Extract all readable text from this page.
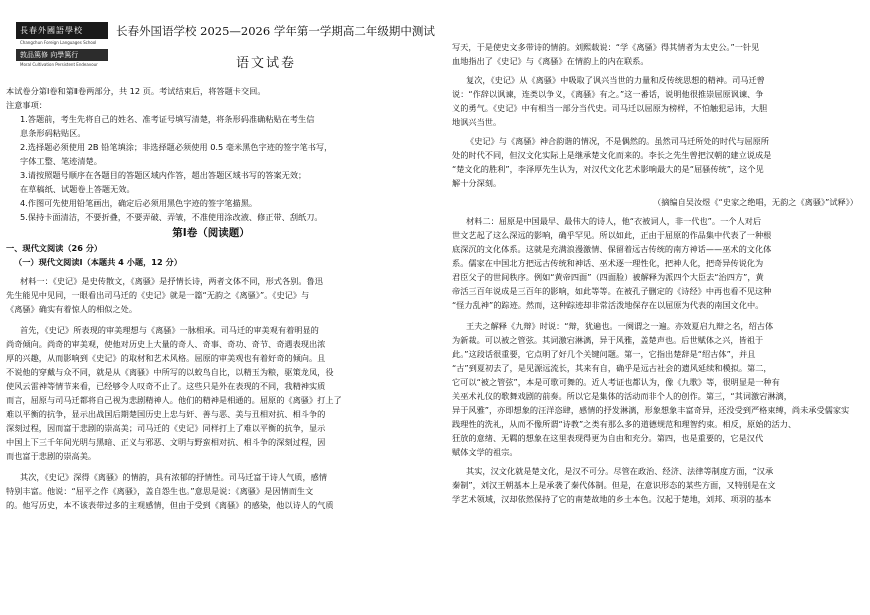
長春外國語學校
Changchun Foreign Languages School
敦品篤修 向學篤行
Moral Cultivation Persistent Endeavour
长春外国语学校 2025—2026 学年第一学期高二年级期中测试
语文试卷
本试卷分第Ⅰ卷和第Ⅱ卷两部分，共 12 页。考试结束后，将答题卡交回。
注意事项：
1.答题前，考生先将自己的姓名、准考证号填写清楚，将条形码准确粘贴在考生信
息条形码粘贴区。
2.选择题必须使用 2B 铅笔填涂；非选择题必须使用 0.5 毫米黑色字迹的签字笔书写，
字体工整、笔迹清楚。
3.请按照题号顺序在各题目的答题区域内作答，超出答题区域书写的答案无效；
在草稿纸、试题卷上答题无效。
4.作图可先使用铅笔画出，确定后必须用黑色字迹的签字笔描黑。
5.保持卡面清洁，不要折叠，不要弄破、弄皱，不准使用涂改液、修正带、刮纸刀。
第Ⅰ卷（阅读题）
一、现代文阅读（26 分）
（一）现代文阅读Ⅰ（本题共 4 小题，12 分）
材料一：《史记》是史传散文，《离骚》是抒情长诗，两者文体不同，形式各别。鲁迅
先生能见中见同，一眼看出司马迁的《史记》就是一篇“无韵之《离骚》”。《史记》与
《离骚》确实有着惊人的相似之处。
首先，《史记》所表现的审美理想与《离骚》一脉相承。司马迁的审美观有着明显的
尚奇倾向。尚奇的审美观，使他对历史上大量的奇人、奇事、奇功、奇节、奇遇表现出浓
厚的兴趣，从而影响到《史记》的取材和艺术风格。屈原的审美观也有着好奇的倾向。且
不说他的穿戴与众不同，就是从《离骚》中所写的以蛟鸟自比，以精玉为粮，驱策龙凤，役
使风云雷神等情节来看，已经够令人叹奇不止了。这些只是外在表现的不同，我精神实质
而言，屈原与司马迁都将自己视为悲剧精神人。他们的精神是相通的。屈原的《离骚》打上了
难以平衡的抗争，显示出战国后期楚国历史上忠与奸、善与恶、美与丑相对抗、相斗争的
深刻过程，因而富于悲剧的崇高美；司马迁的《史记》同样打上了难以平衡的抗争，显示
中国上下三千年间光明与黑暗、正义与邪恶、文明与野蛮相对抗、相斗争的深刻过程，因
而也富于悲剧的崇高美。
其次，《史记》深得《离骚》的情韵，具有浓郁的抒情性。司马迁富于诗人气质，感情
特别丰富。他说：“屈平之作《离骚》，盖自怨生也。”意思是说：《离骚》是因情而生文
的。他写历史，本不该表带过多的主观感情，但由于受到《离骚》的感染，他以诗人的气质
写天，于是使史文多带诗的情韵。刘熙载说：“学《离骚》得其情者为太史公。”一针见
血地指出了《史记》与《离骚》在情韵上的内在联系。
复次，《史记》从《离骚》中吸取了讽兴当世的力量和反传统思想的精神。司马迁曾
说：“作辞以讽谏，连类以争义，《离骚》有之。”这一番话，说明他很推崇屈原讽谏、争
义的勇气。《史记》中有相当一部分当代史。司马迁以屈原为榜样，不怕触犯忌讳，大胆
地讽兴当世。
《史记》与《离骚》神合韵谐的情况，不是偶然的。虽然司马迁所处的时代与屈原所
处的时代不同，但汉文化实际上是继承楚文化而来的。李长之先生曾把汉朝的建立说成是
“楚文化的胜利”，李泽厚先生认为，对汉代文化艺术影响最大的是“屈骚传统”，这个见
解十分深刻。
（摘编自吴汝煜《“史家之绝唱，无韵之《离骚》”试释》）
材料二：屈原是中国最早、最伟大的诗人，他“衣被词人，非一代也”。一个人对后
世文艺起了这么深远的影响，确乎罕见。所以如此，正由于屈原的作品集中代表了一种根
底深沉的文化体系。这就是充满浪漫激情、保留着远古传统的南方神话——巫术的文化体
系。儒家在中国北方把远古传统和神话、巫术逐一理性化，把神人化，把奇异传说化为
君臣父子的世间秩序。例如“黄帝四面”（四面脸）被解释为派四个大臣去“治四方”，黄
帝活三百年说成是三百年的影响，如此等等。在被孔子删定的《诗经》中再也看不见这种
“怪力乱神”的踪迹。然而，这种踪迹却非常活泼地保存在以屈原为代表的南国文化中。
王夫之解释《九辩》时说：“辩，犹遍也。一阕谓之一遍。亦效夏启九辩之名，绍古体
为新裁。可以被之管弦。其词激宕淋漓，异于风雅，盖楚声也。后世赋体之兴，皆祖于
此。”这段话很重要，它点明了好几个关键问题。第一，它指出楚辞是“绍古体”，并且
“古”到夏初去了，是见源远流长，其来有自，确乎是远古社会的遗风延续和模拟。第二，
它可以“被之管弦”，本是可歌可舞的。近人考证也都认为，像《九歌》等，很明显是一种有
关巫术礼仪的歌舞戏剧的前奏。所以它是集体的活动而非个人的创作。第三，“其词激宕淋漓，
异于风雅”，亦即想象的汪洋恣肆，感情的抒发淋漓，形象想象丰富奇异，还没受到严格束缚，尚未承受儒家实
践理性的洗礼，从而不像所谓“诗教”之类有那么多的道德规范和理智约束。相反，原始的活力、
狂放的意绪、无羁的想象在这里表现得更为自由和充分。第四，也是重要的，它是汉代
赋体文学的祖宗。
其实，汉文化就是楚文化，是汉不可分。尽管在政治、经济、法律等制度方面，“汉承
秦制”，刘汉王朝基本上是承袭了秦代体制。但是，在意识形态的某些方面，又特别是在文
学艺术领域，汉却依然保持了它的南楚故地的乡土本色。汉起于楚地，刘邦、项羽的基本
